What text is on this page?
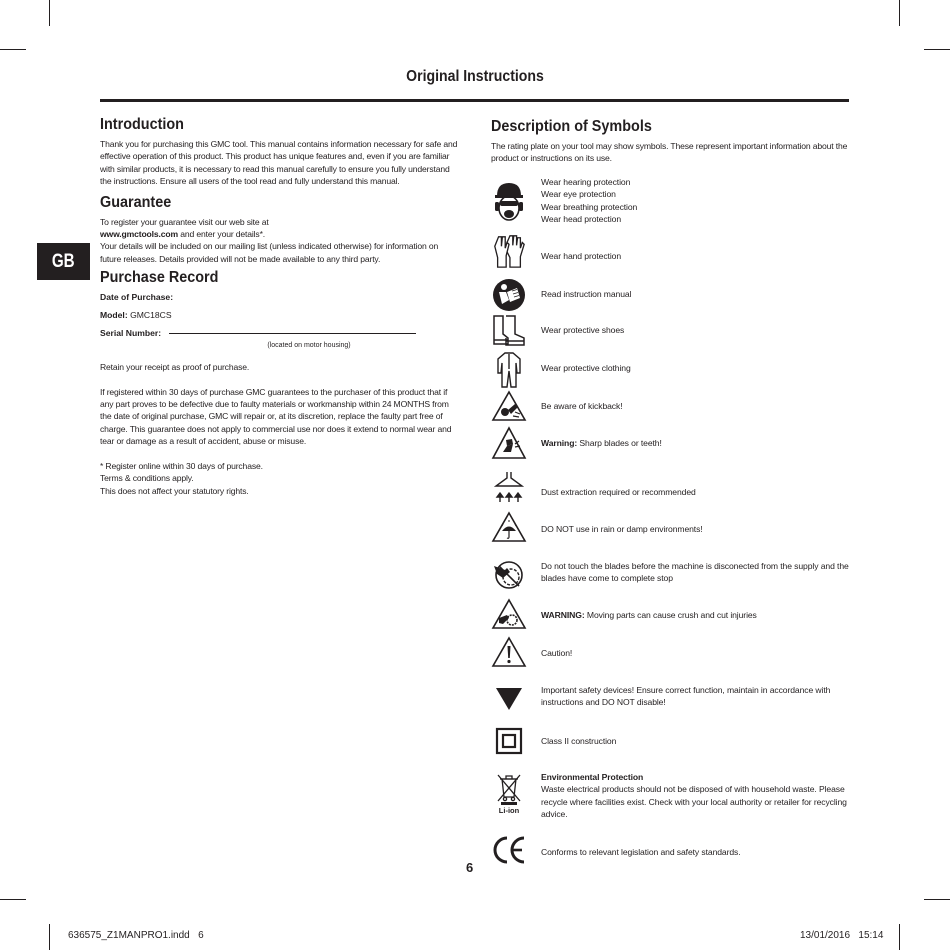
Original Instructions
GB
Introduction

Thank you for purchasing this GMC tool. This manual contains information necessary for safe and effective operation of this product. This product has unique features and, even if you are familiar with similar products, it is necessary to read this manual carefully to ensure you fully understand the instructions. Ensure all users of the tool read and fully understand this manual.

Guarantee

To register your guarantee visit our web site at
www.gmctools.com and enter your details*.
Your details will be included on our mailing list (unless indicated otherwise) for information on future releases. Details provided will not be made available to any third party.

Purchase Record
Date of Purchase:
Model: GMC18CS
Serial Number:
(located on motor housing)

Retain your receipt as proof of purchase.

If registered within 30 days of purchase GMC guarantees to the purchaser of this product that if any part proves to be defective due to faulty materials or workmanship within 24 MONTHS from the date of original purchase, GMC will repair or, at its discretion, replace the faulty part free of charge. This guarantee does not apply to commercial use nor does it extend to normal wear and tear or damage as a result of accident, abuse or misuse.

* Register online within 30 days of purchase.
Terms & conditions apply.
This does not affect your statutory rights.

Description of Symbols

The rating plate on your tool may show symbols. These represent important information about the product or instructions on its use.

Wear hearing protection
Wear eye protection
Wear breathing protection
Wear head protection
Wear hand protection
Read instruction manual
Wear protective shoes
Wear protective clothing
Be aware of kickback!
Warning: Sharp blades or teeth!
Dust extraction required or recommended
DO NOT use in rain or damp environments!
Do not touch the blades before the machine is disconected from the supply and the blades have come to complete stop
WARNING: Moving parts can cause crush and cut injuries
Caution!
Important safety devices! Ensure correct function, maintain in accordance with instructions and DO NOT disable!
Class II construction
Li-ion
Environmental Protection
Waste electrical products should not be disposed of with household waste. Please recycle where facilities exist. Check with your local authority or retailer for recycling advice.
Conforms to relevant legislation and safety standards.
6
636575_Z1MANPRO1.indd   6	13/01/2016   15:14
